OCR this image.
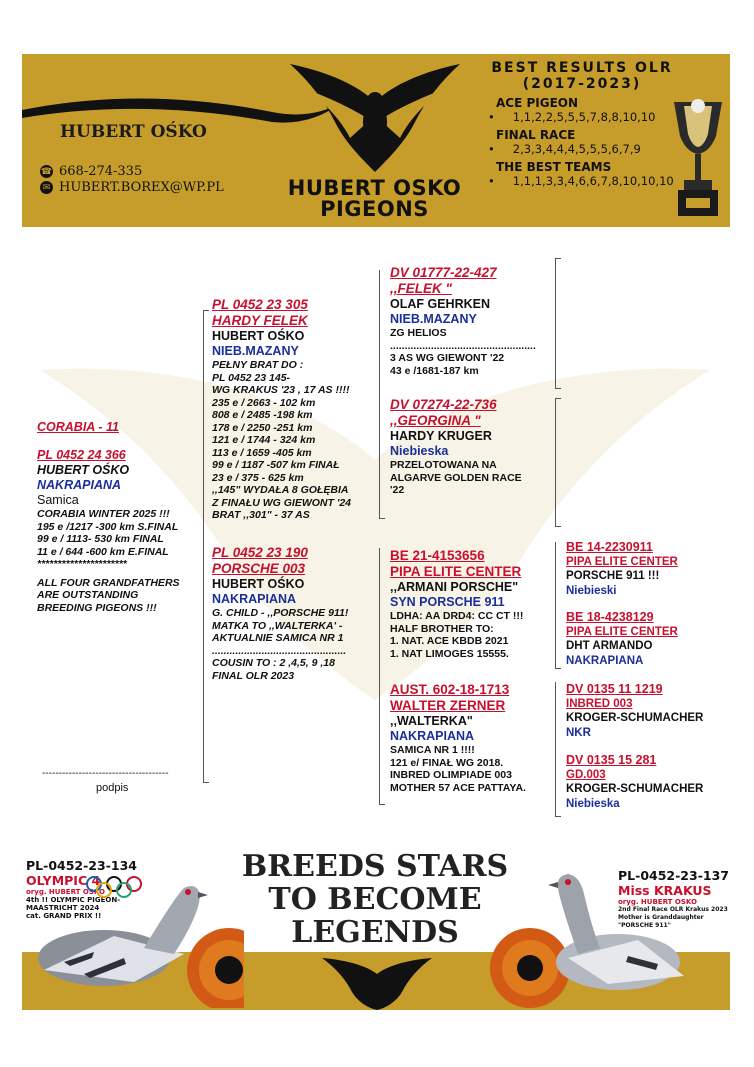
HUBERT OŚKO
☎ 668-274-335
✉ HUBERT.BOREX@WP.PL	HUBERT OSKO
PIGEONS
BEST RESULTS OLR
(2017-2023)
ACE PIGEON
• 1,1,2,2,5,5,5,7,8,8,10,10
FINAL RACE
• 2,3,3,4,4,4,5,5,5,6,7,9
THE BEST TEAMS
• 1,1,1,3,3,4,6,6,7,8,10,10,10
CORABIA - 11
PL 0452 24 366
HUBERT OŚKO
NAKRAPIANA
Samica
CORABIA WINTER 2025 !!!
195 e /1217 -300 km S.FINAL
99 e / 1113- 530 km FINAL
11 e / 644 -600 km E.FINAL
**********************
ALL FOUR GRANDFATHERS
ARE OUTSTANDING
BREEDING PIGEONS !!!
--------------------------------------
podpis
PL 0452 23 305
HARDY FELEK
HUBERT OŚKO
NIEB.MAZANY
PEŁNY BRAT DO :
PL 0452 23 145-
WG KRAKUS '23 , 17 AS !!!!
235 e / 2663 - 102 km
808 e / 2485 -198 km
178 e / 2250 -251 km
121 e / 1744 - 324 km
113 e / 1659 -405 km
99 e / 1187 -507 km FINAŁ
23 e / 375 - 625 km
,,145" WYDAŁA 8 GOŁĘBIA
Z FINAŁU WG GIEWONT '24
BRAT ,,301" - 37 AS
PL 0452 23 190
PORSCHE 003
HUBERT OŚKO
NAKRAPIANA
G. CHILD - ,,PORSCHE 911!
MATKA TO ,,WALTERKA' -
AKTUALNIE SAMICA NR 1
..............................................
COUSIN TO : 2 ,4,5, 9 ,18
FINAL OLR 2023
DV 01777-22-427
,,FELEK "
OLAF GEHRKEN
NIEB.MAZANY
ZG HELIOS
..................................................
3 AS WG GIEWONT '22
43 e /1681-187 km
DV 07274-22-736
,,GEORGINA "
HARDY KRUGER
Niebieska
PRZELOTOWANA NA
ALGARVE GOLDEN RACE
'22
BE 21-4153656
PIPA ELITE CENTER
,,ARMANI PORSCHE"
SYN PORSCHE 911
LDHA: AA DRD4: CC CT !!!
HALF BROTHER TO:
1. NAT. ACE KBDB 2021
1. NAT LIMOGES 15555.
AUST. 602-18-1713
WALTER ZERNER
,,WALTERKA"
NAKRAPIANA
SAMICA NR 1 !!!!
121 e/ FINAŁ WG 2018.
INBRED OLIMPIADE 003
MOTHER 57 ACE PATTAYA.
BE 14-2230911
PIPA ELITE CENTER
PORSCHE 911 !!!
Niebieski
BE 18-4238129
PIPA ELITE CENTER
DHT ARMANDO
NAKRAPIANA
DV 0135 11 1219
INBRED 003
KROGER-SCHUMACHER
NKR
DV 0135 15 281
GD.003
KROGER-SCHUMACHER
Niebieska
BREEDS STARS
TO BECOME
LEGENDS
PL-0452-23-134
OLYMPIC 4
oryg. HUBERT OSKO
4th !! OLYMPIC PIGEON-MAASTRICHT 2024
cat. GRAND PRIX !!
PL-0452-23-137
Miss KRAKUS
oryg. HUBERT OSKO
2nd Final Race OLR Krakus 2023
Mother is Granddaughter "PORSCHE 911"
